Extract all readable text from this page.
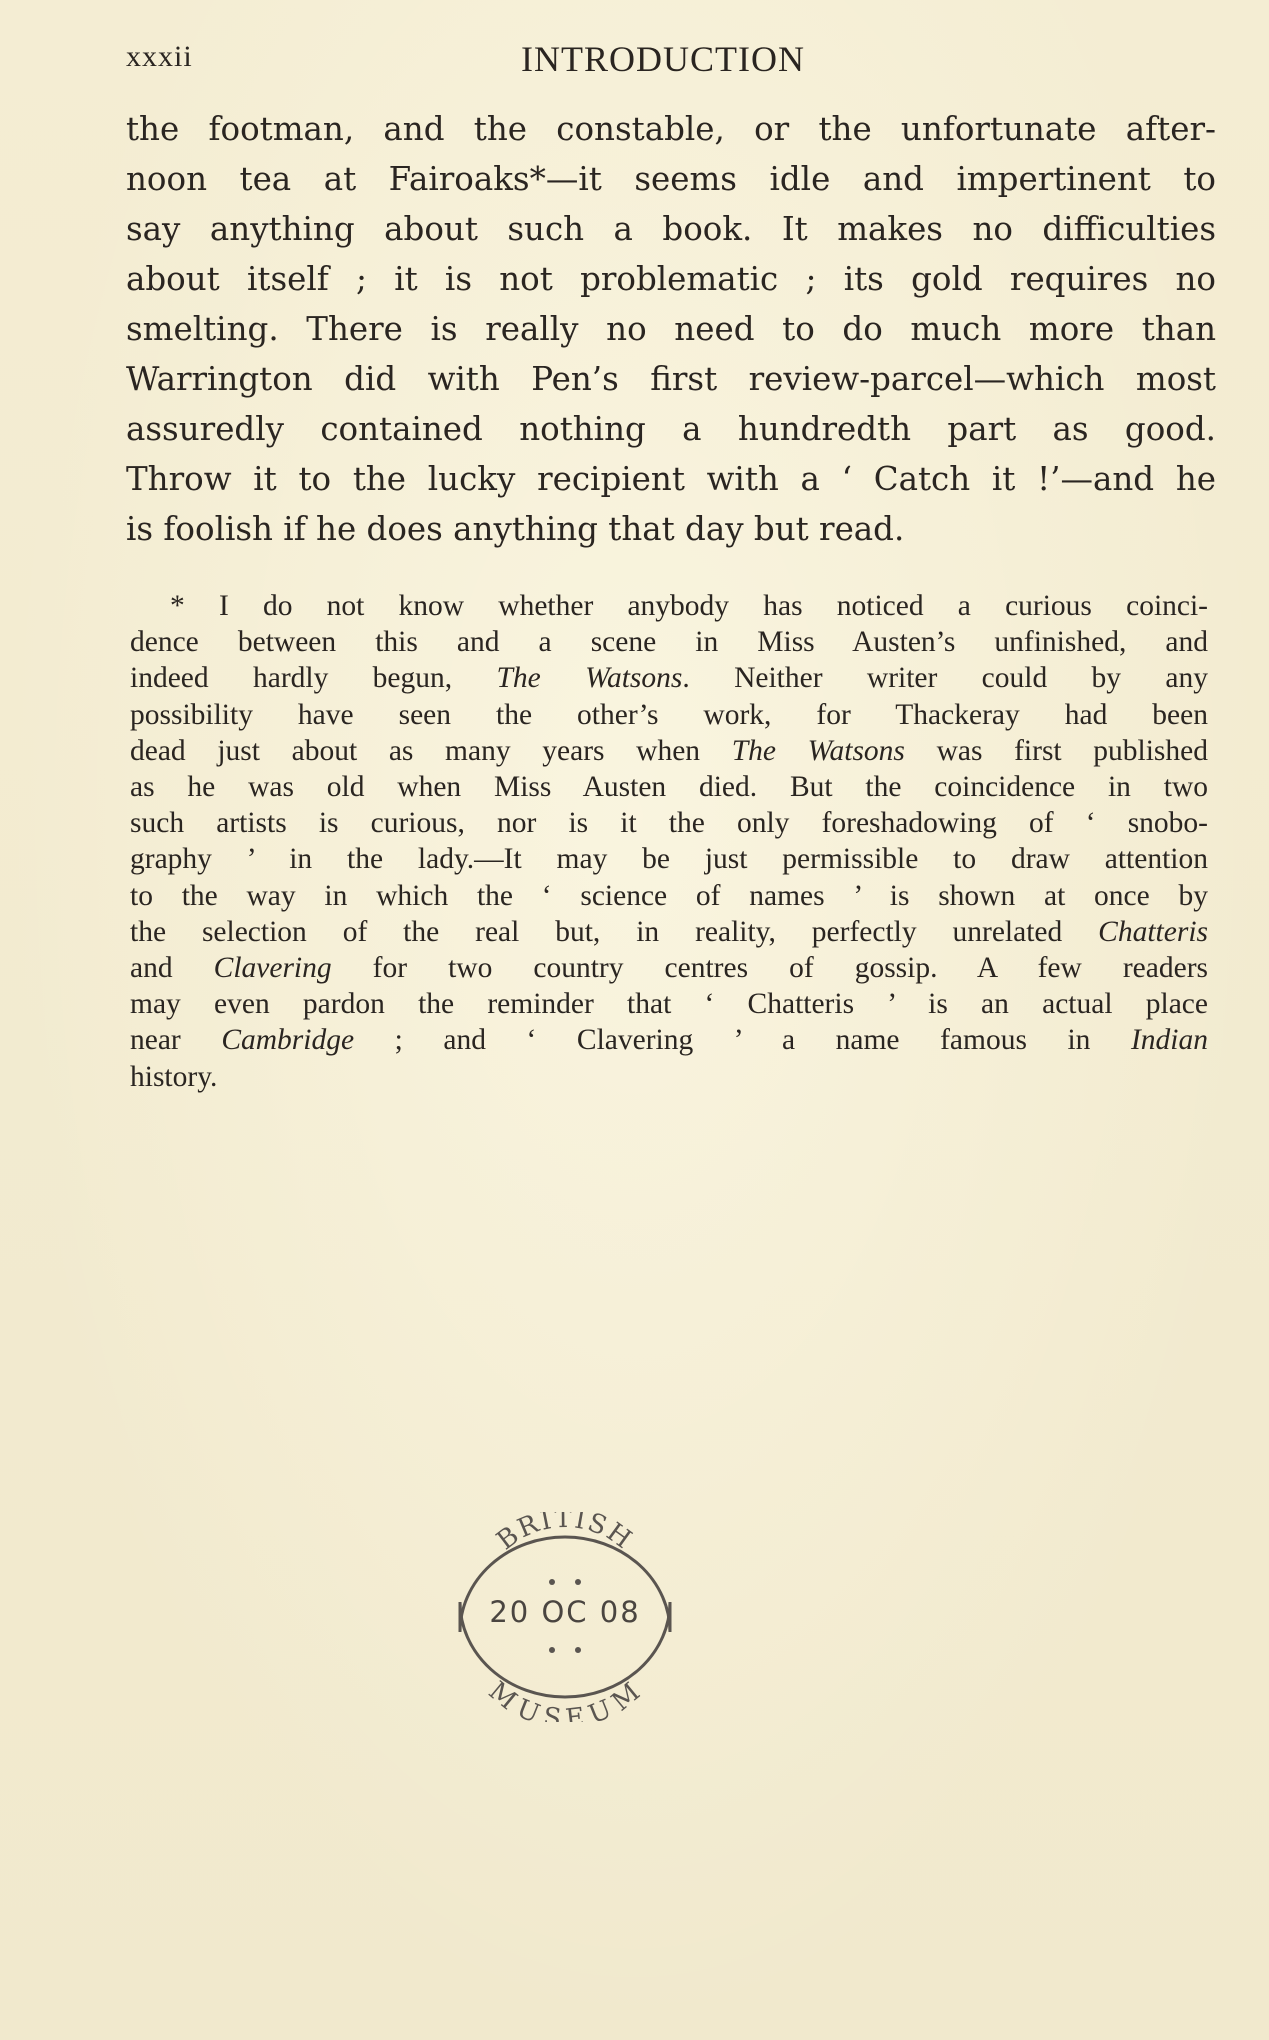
xxxii	INTRODUCTION
the footman, and the constable, or the unfortunate after-
noon tea at Fairoaks*—it seems idle and impertinent to
say anything about such a book. It makes no difficulties
about itself ; it is not problematic ; its gold requires no
smelting. There is really no need to do much more than
Warrington did with Pen’s first review-parcel—which most
assuredly contained nothing a hundredth part as good.
Throw it to the lucky recipient with a ‘ Catch it !’—and he
is foolish if he does anything that day but read.
* I do not know whether anybody has noticed a curious coinci-
dence between this and a scene in Miss Austen’s unfinished, and
indeed hardly begun, The Watsons. Neither writer could by any
possibility have seen the other’s work, for Thackeray had been
dead just about as many years when The Watsons was first published
as he was old when Miss Austen died. But the coincidence in two
such artists is curious, nor is it the only foreshadowing of ‘ snobo-
graphy ’ in the lady.—It may be just permissible to draw attention
to the way in which the ‘ science of names ’ is shown at once by
the selection of the real but, in reality, perfectly unrelated Chatteris
and Clavering for two country centres of gossip. A few readers
may even pardon the reminder that ‘ Chatteris ’ is an actual place
near Cambridge ; and ‘ Clavering ’ a name famous in Indian
history.
BRITISH
MUSEUM
20 OC 08
